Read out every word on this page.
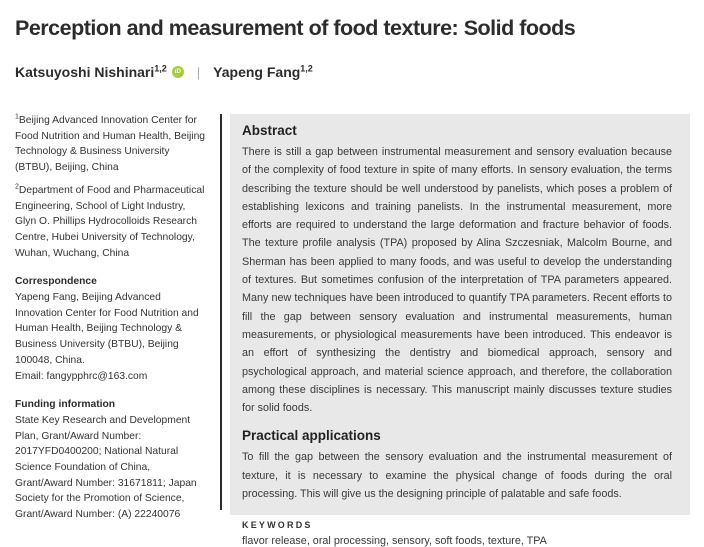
Perception and measurement of food texture: Solid foods
Katsuyoshi Nishinari$^{1,2}$	iD | Yapeng Fang$^{1,2}$
$^1$Beijing Advanced Innovation Center for Food Nutrition and Human Health, Beijing Technology & Business University (BTBU), Beijing, China
$^2$Department of Food and Pharmaceutical Engineering, School of Light Industry, Glyn O. Phillips Hydrocolloids Research Centre, Hubei University of Technology, Wuhan, Wuchang, China
Correspondence
Yapeng Fang, Beijing Advanced Innovation Center for Food Nutrition and Human Health, Beijing Technology & Business University (BTBU), Beijing 100048, China.
Email: fangypphrc@163.com
Funding information
State Key Research and Development Plan, Grant/Award Number: 2017YFD0400200; National Natural Science Foundation of China, Grant/Award Number: 31671811; Japan Society for the Promotion of Science, Grant/Award Number: (A) 22240076
Abstract
There is still a gap between instrumental measurement and sensory evaluation because of the complexity of food texture in spite of many efforts. In sensory evaluation, the terms describing the texture should be well understood by panelists, which poses a problem of establishing lexicons and training panelists. In the instrumental measurement, more efforts are required to understand the large deformation and fracture behavior of foods. The texture profile analysis (TPA) proposed by Alina Szczesniak, Malcolm Bourne, and Sherman has been applied to many foods, and was useful to develop the understanding of textures. But sometimes confusion of the interpretation of TPA parameters appeared. Many new techniques have been introduced to quantify TPA parameters. Recent efforts to fill the gap between sensory evaluation and instrumental measurements, human measurements, or physiological measurements have been introduced. This endeavor is an effort of synthesizing the dentistry and biomedical approach, sensory and psychological approach, and material science approach, and therefore, the collaboration among these disciplines is necessary. This manuscript mainly discusses texture studies for solid foods.
Practical applications
To fill the gap between the sensory evaluation and the instrumental measurement of texture, it is necessary to examine the physical change of foods during the oral processing. This will give us the designing principle of palatable and safe foods.
KEYWORDS
flavor release, oral processing, sensory, soft foods, texture, TPA
